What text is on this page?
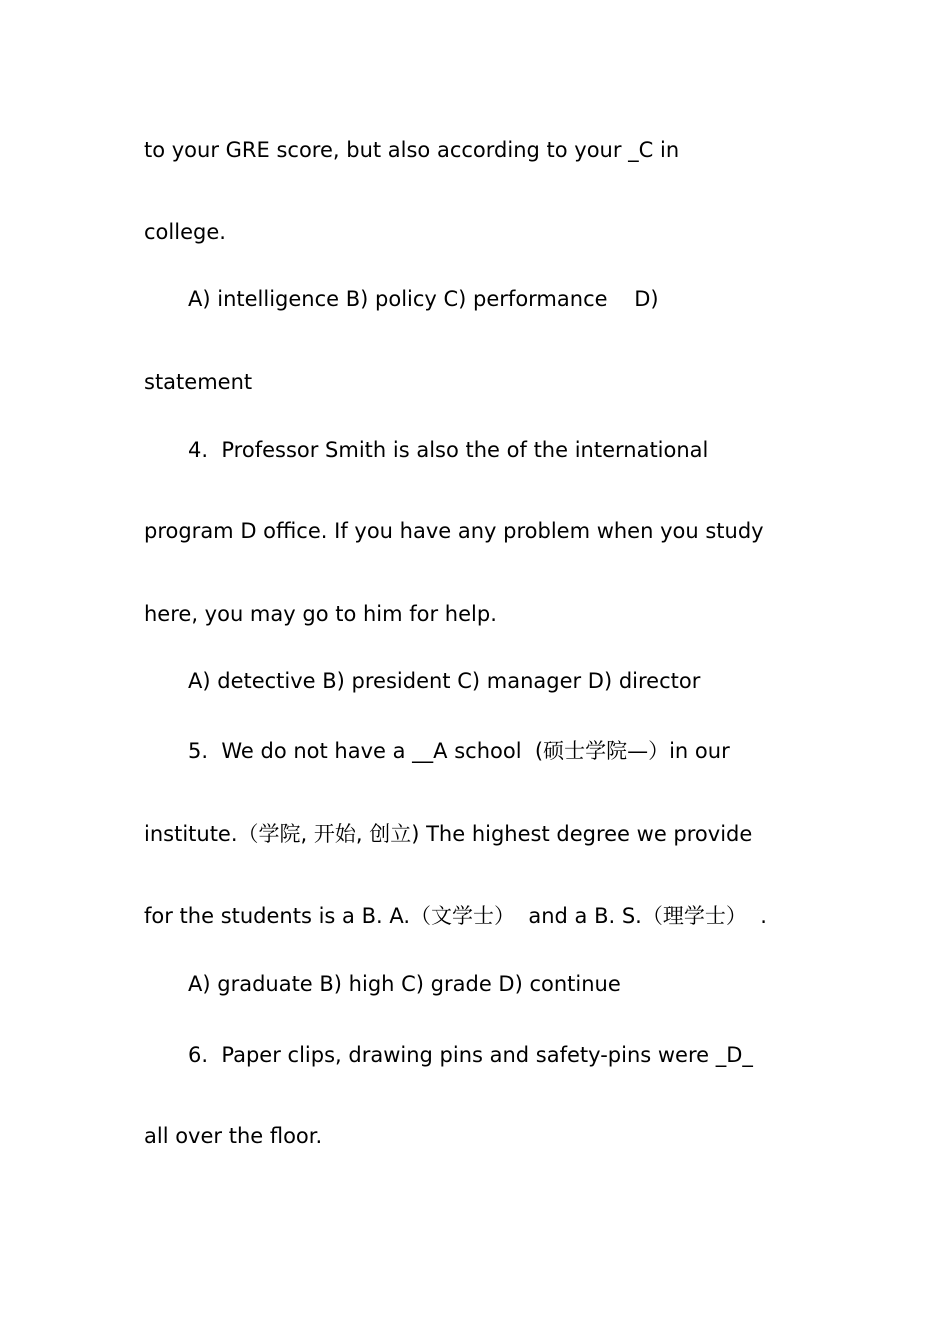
to your GRE score, but also according to your _C in
college.
A) intelligence B) policy C) performance    D)
statement
4.  Professor Smith is also the of the international
program D office. If you have any problem when you study
here, you may go to him for help.
A) detective B) president C) manager D) director
5.  We do not have a __A school  (硕士学院—）in our
institute.（学院, 开始, 创立) The highest degree we provide
for the students is a B. A.（文学士）  and a B. S.（理学士）  .
A) graduate B) high C) grade D) continue
6.  Paper clips, drawing pins and safety-pins were _D_
all over the floor.
